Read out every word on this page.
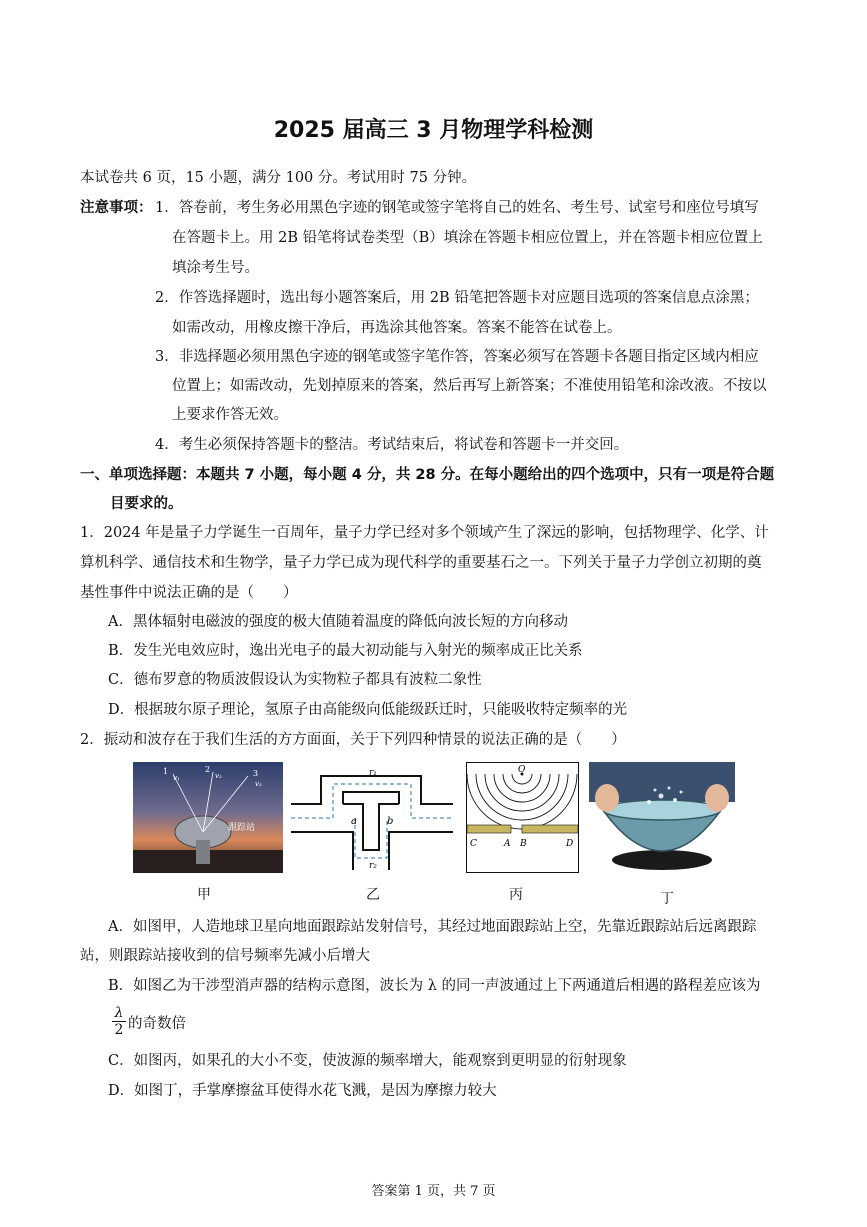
2025 届高三 3 月物理学科检测
本试卷共 6 页，15 小题，满分 100 分。考试用时 75 分钟。
注意事项： 1．答卷前，考生务必用黑色字迹的钢笔或签字笔将自己的姓名、考生号、试室号和座位号填写
在答题卡上。用 2B 铅笔将试卷类型（B）填涂在答题卡相应位置上，并在答题卡相应位置上
填涂考生号。
2．作答选择题时，选出每小题答案后，用 2B 铅笔把答题卡对应题目选项的答案信息点涂黑；
如需改动，用橡皮擦干净后，再选涂其他答案。答案不能答在试卷上。
3．非选择题必须用黑色字迹的钢笔或签字笔作答，答案必须写在答题卡各题目指定区域内相应
位置上；如需改动，先划掉原来的答案，然后再写上新答案；不准使用铅笔和涂改液。不按以
上要求作答无效。
4．考生必须保持答题卡的整洁。考试结束后，将试卷和答题卡一并交回。
一、单项选择题：本题共 7 小题，每小题 4 分，共 28 分。在每小题给出的四个选项中，只有一项是符合题
目要求的。
1．2024 年是量子力学诞生一百周年，量子力学已经对多个领域产生了深远的影响，包括物理学、化学、计
算机科学、通信技术和生物学，量子力学已成为现代科学的重要基石之一。下列关于量子力学创立初期的奠
基性事件中说法正确的是（　　）
A．黑体辐射电磁波的强度的极大值随着温度的降低向波长短的方向移动
B．发生光电效应时，逸出光电子的最大初动能与入射光的频率成正比关系
C．德布罗意的物质波假设认为实物粒子都具有波粒二象性
D．根据玻尔原子理论，氢原子由高能级向低能级跃迁时，只能吸收特定频率的光
2．振动和波存在于我们生活的方方面面，关于下列四种情景的说法正确的是（　　）
1
v₁
2
v₂	3
v₃
跟踪站
甲
r₁
r₂
a	b
乙
O
C	A B	D
丙	丁
A．如图甲，人造地球卫星向地面跟踪站发射信号，其经过地面跟踪站上空，先靠近跟踪站后远离跟踪
站，则跟踪站接收到的信号频率先减小后增大
B．如图乙为干涉型消声器的结构示意图，波长为 λ 的同一声波通过上下两通道后相遇的路程差应该为
$\frac{\lambda}{2}$ 的奇数倍
C．如图丙，如果孔的大小不变，使波源的频率增大，能观察到更明显的衍射现象
D．如图丁，手掌摩擦盆耳使得水花飞溅，是因为摩擦力较大
答案第 1 页，共 7 页
